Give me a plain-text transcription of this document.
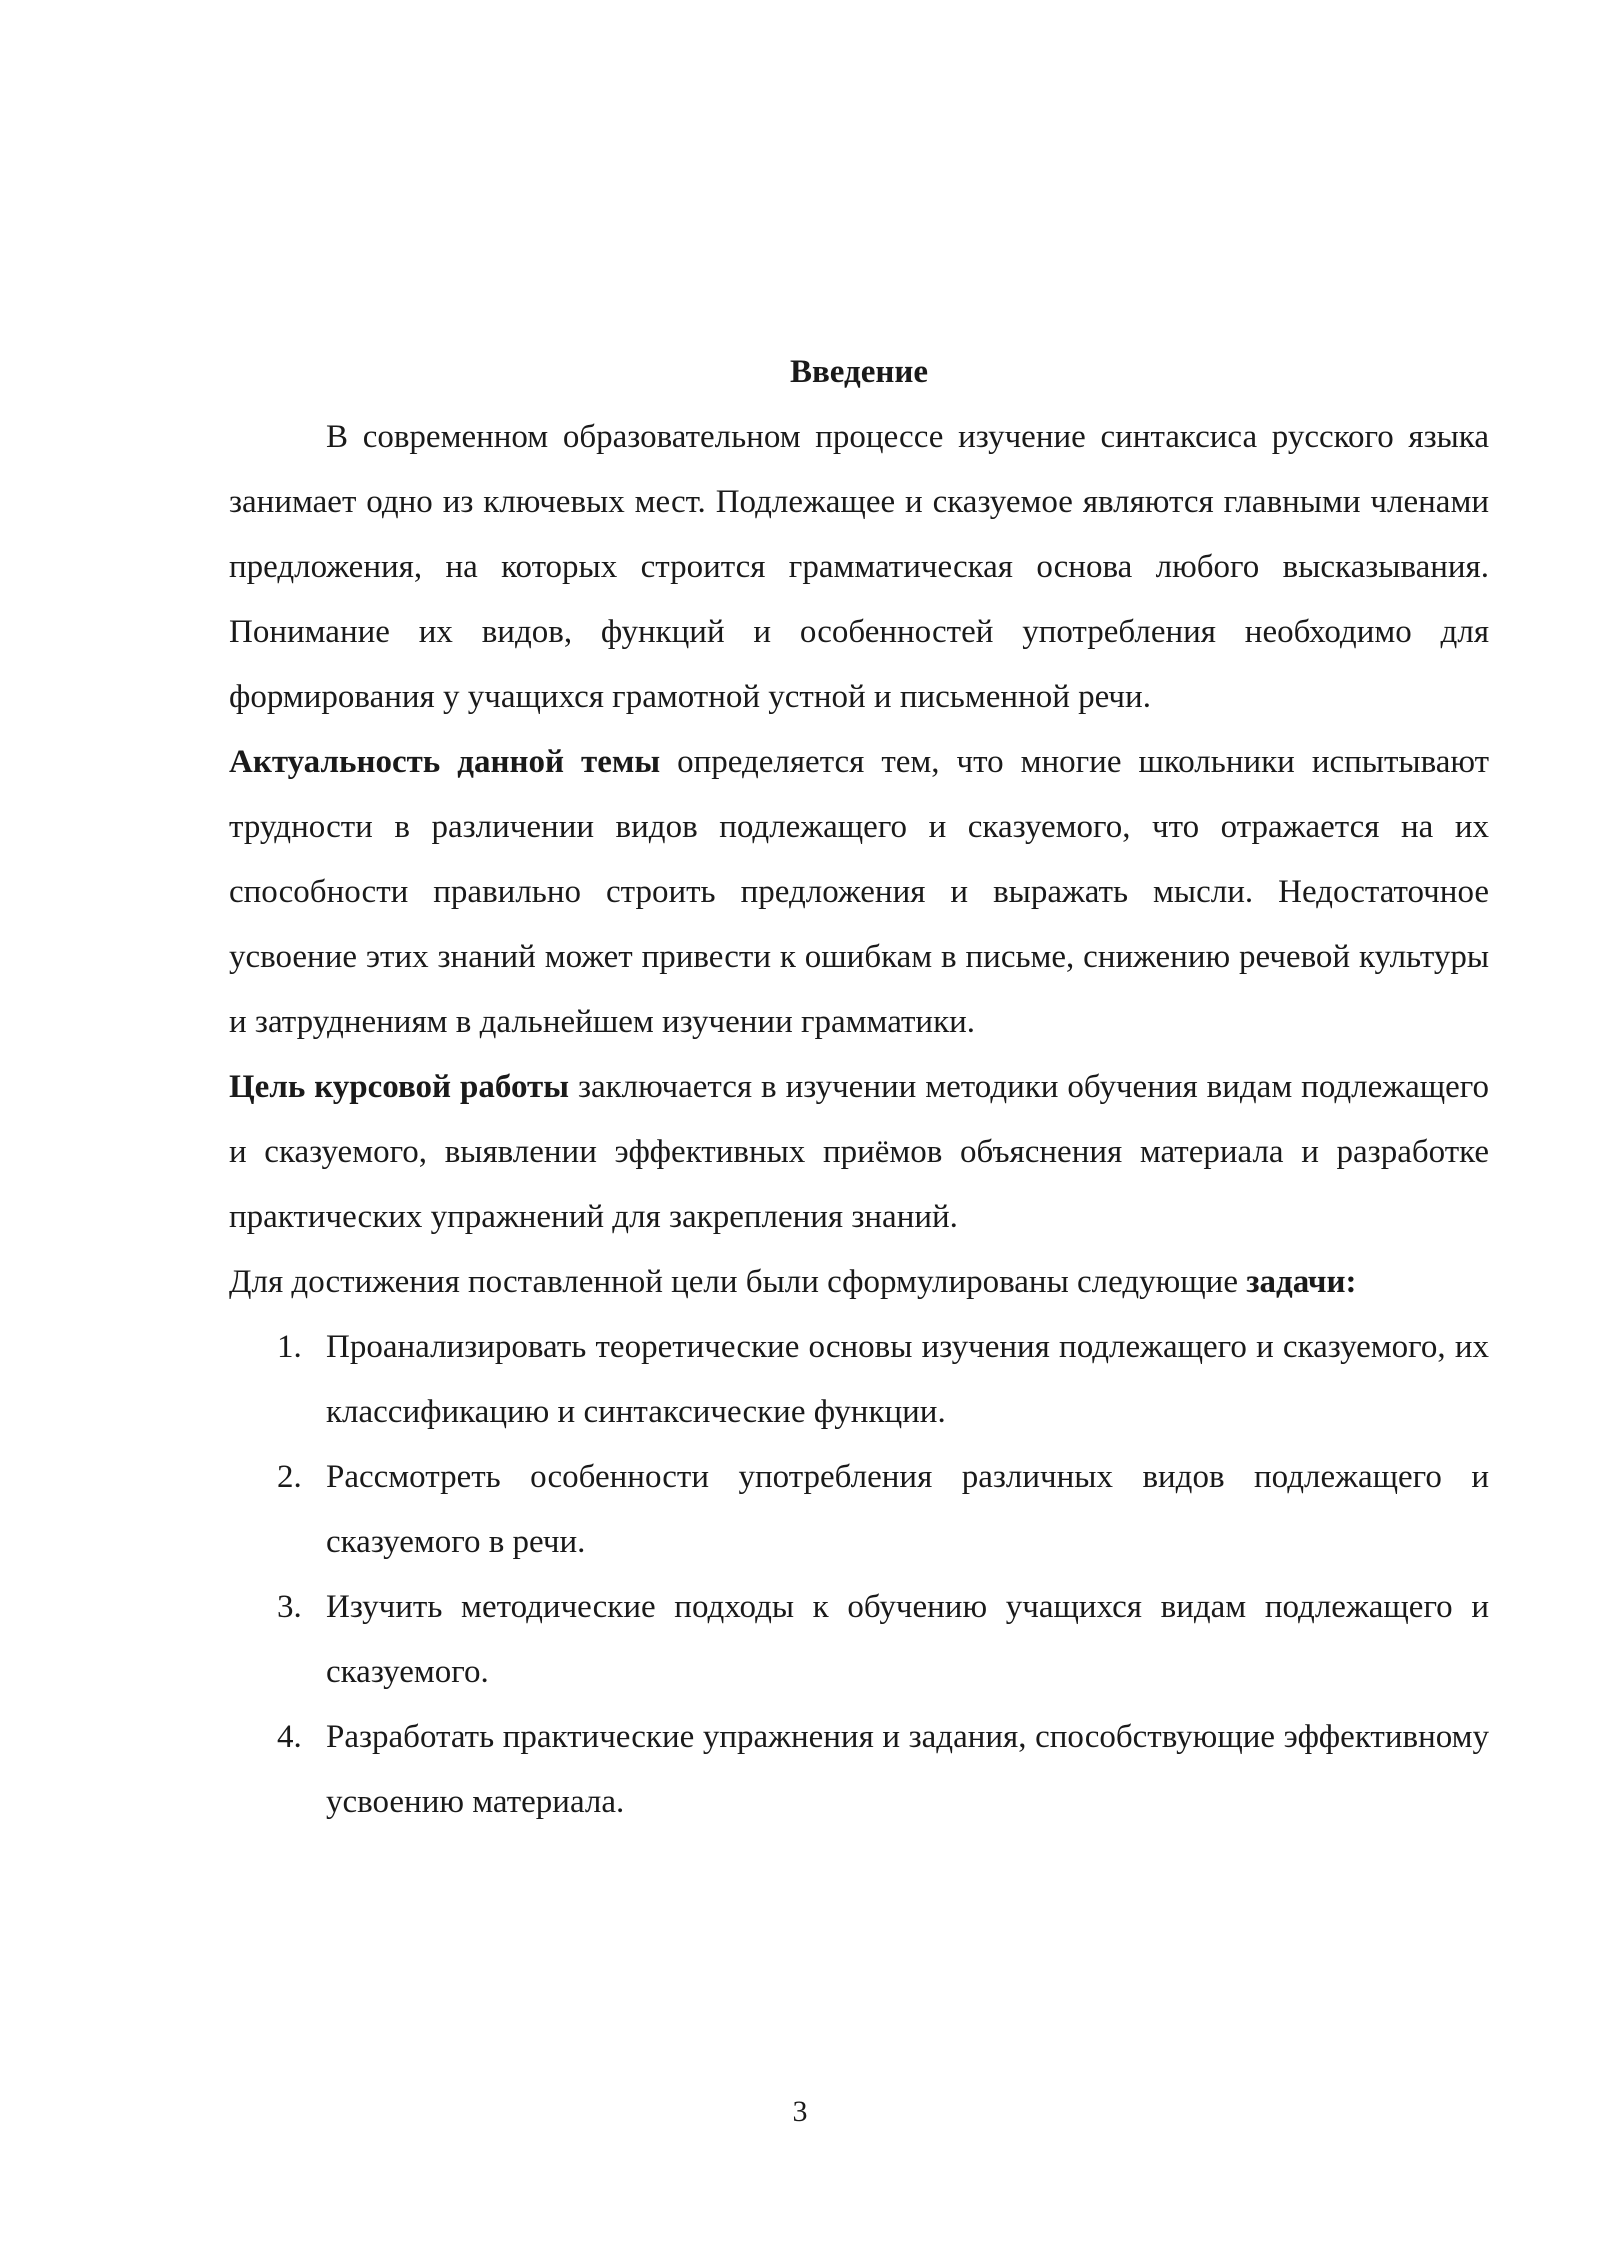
Введение

В современном образовательном процессе изучение синтаксиса русского языка занимает одно из ключевых мест. Подлежащее и сказуемое являются главными членами предложения, на которых строится грамматическая основа любого высказывания. Понимание их видов, функций и особенностей употребления необходимо для формирования у учащихся грамотной устной и письменной речи.

Актуальность данной темы определяется тем, что многие школьники испытывают трудности в различении видов подлежащего и сказуемого, что отражается на их способности правильно строить предложения и выражать мысли. Недостаточное усвоение этих знаний может привести к ошибкам в письме, снижению речевой культуры и затруднениям в дальнейшем изучении грамматики.

Цель курсовой работы заключается в изучении методики обучения видам подлежащего и сказуемого, выявлении эффективных приёмов объяснения материала и разработке практических упражнений для закрепления знаний.

Для достижения поставленной цели были сформулированы следующие задачи:

1. Проанализировать теоретические основы изучения подлежащего и сказуемого, их классификацию и синтаксические функции.
2. Рассмотреть особенности употребления различных видов подлежащего и сказуемого в речи.
3. Изучить методические подходы к обучению учащихся видам подлежащего и сказуемого.
4. Разработать практические упражнения и задания, способствующие эффективному усвоению материала.
3
